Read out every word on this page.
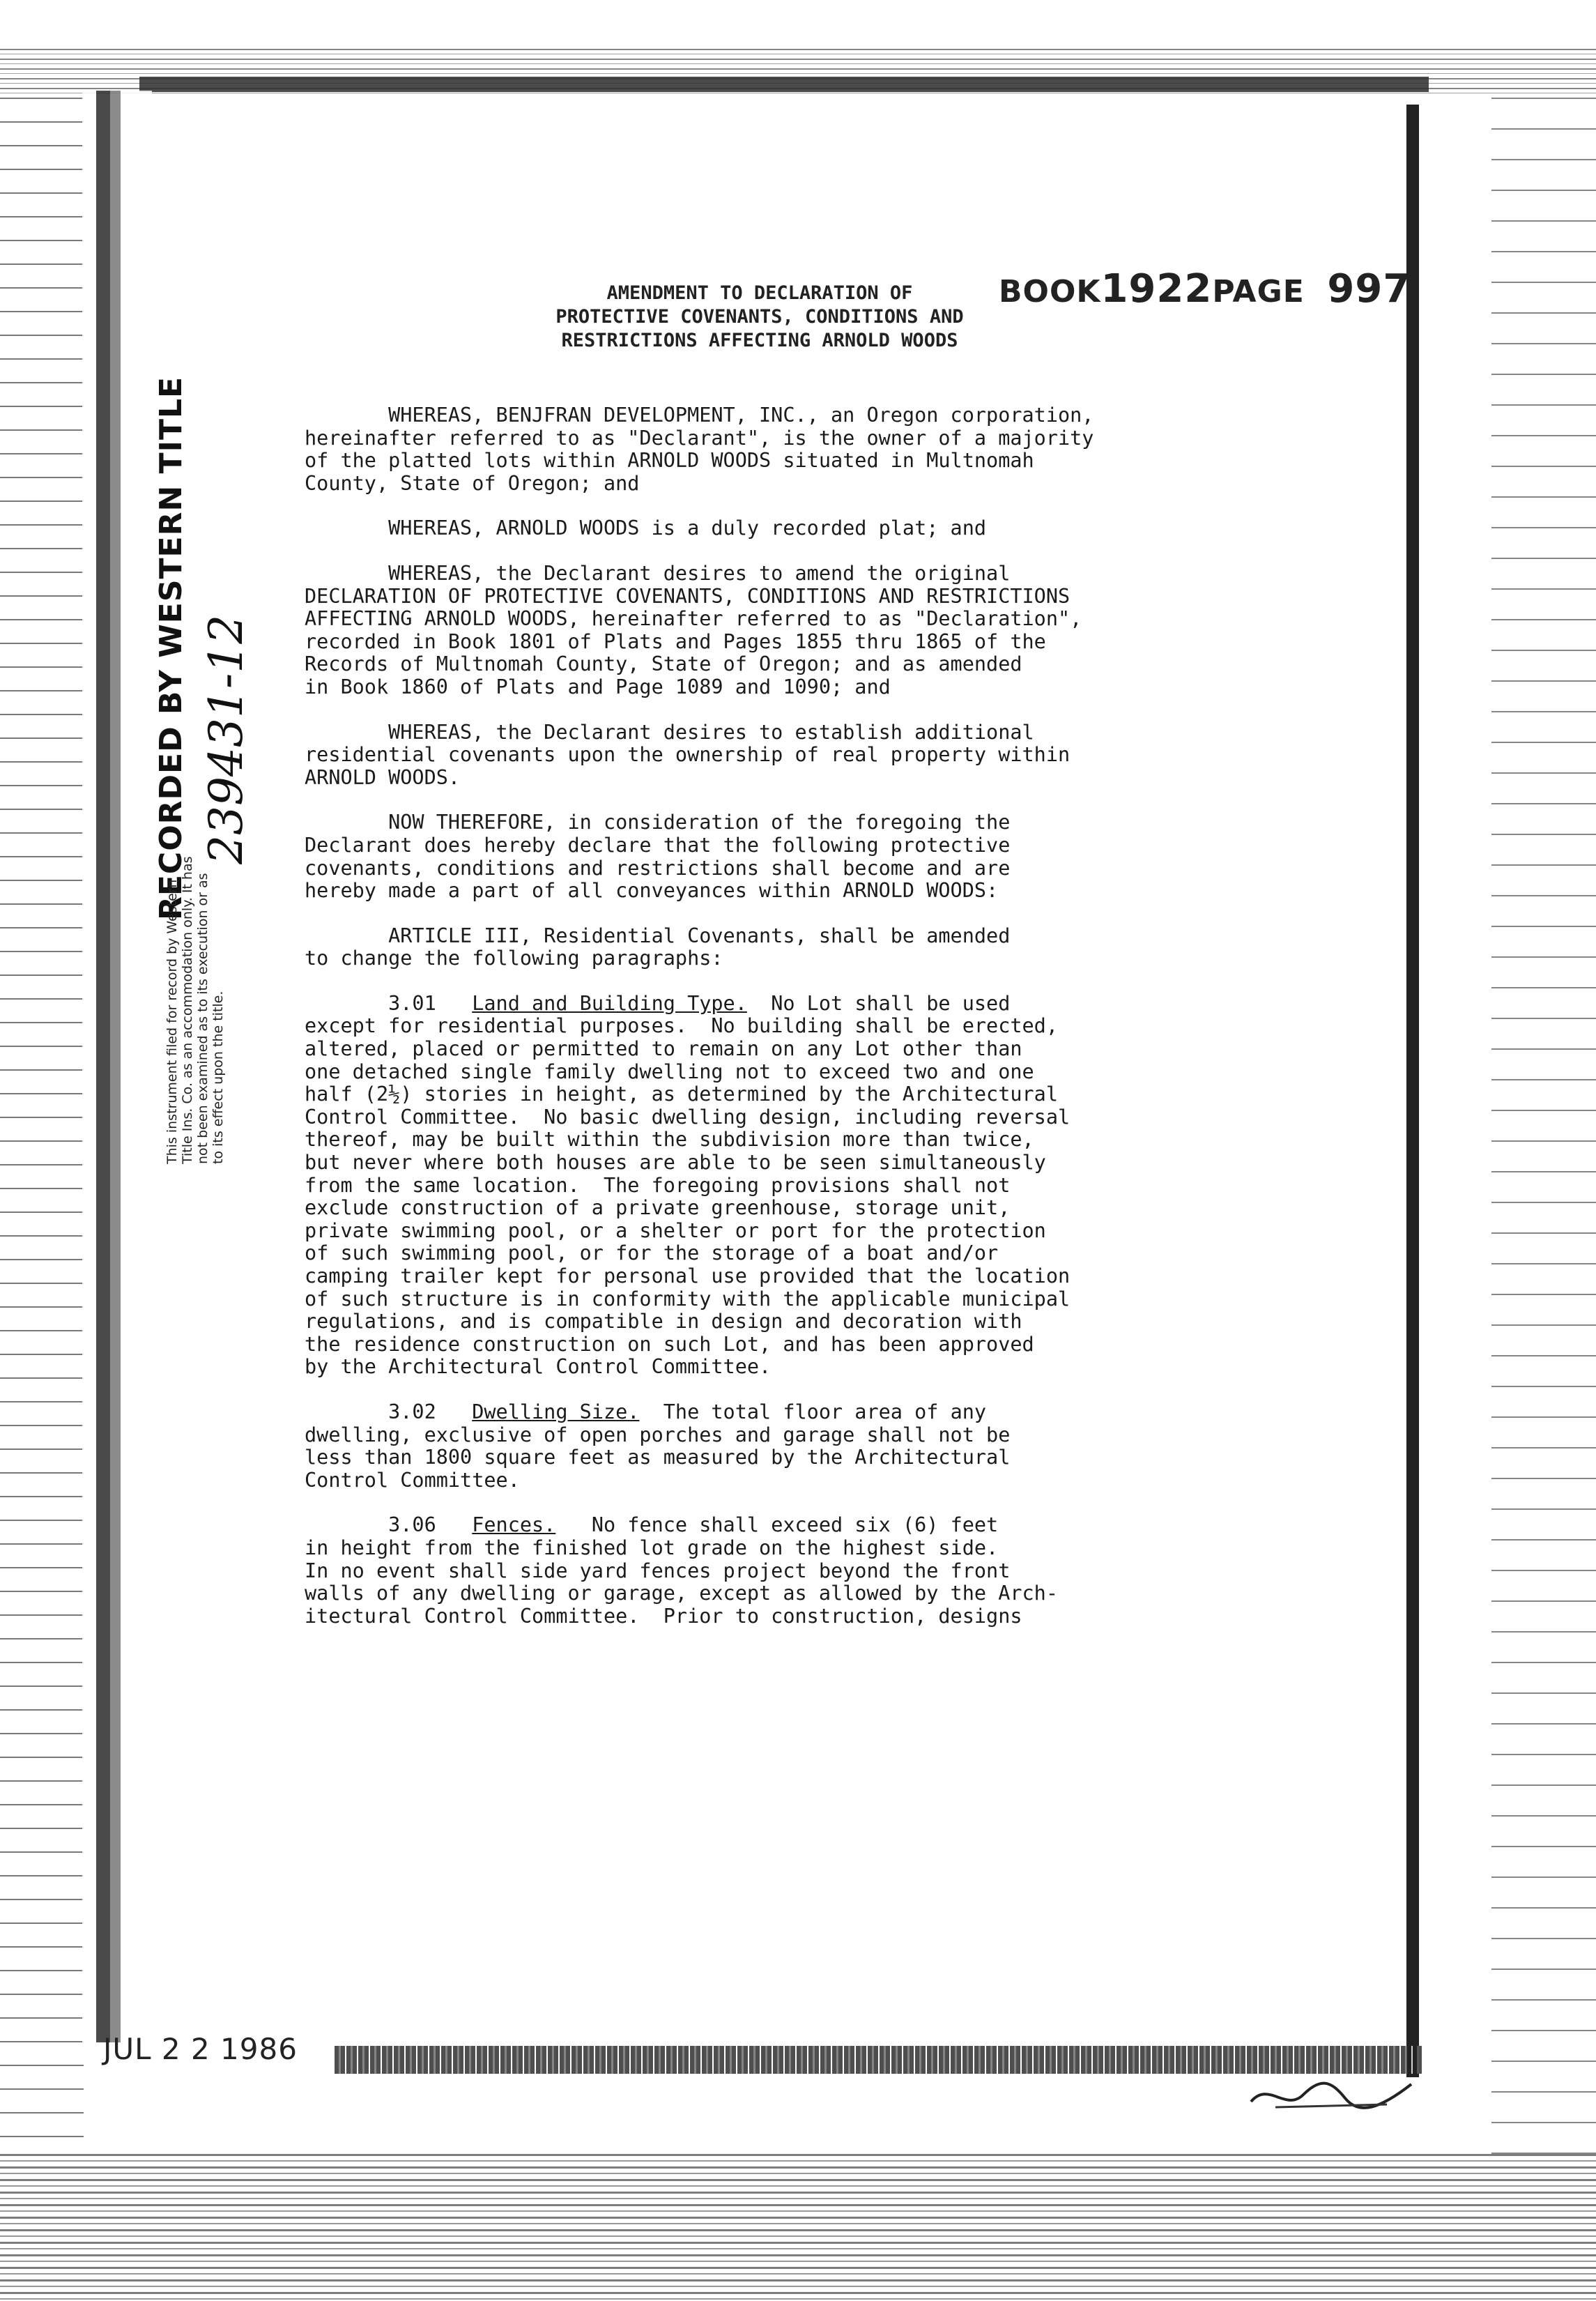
BOOK1922PAGE 997
AMENDMENT TO DECLARATION OF
PROTECTIVE COVENANTS, CONDITIONS AND
RESTRICTIONS AFFECTING ARNOLD WOODS

WHEREAS, BENJFRAN DEVELOPMENT, INC., an Oregon corporation,
hereinafter referred to as "Declarant", is the owner of a majority
of the platted lots within ARNOLD WOODS situated in Multnomah
County, State of Oregon; and

WHEREAS, ARNOLD WOODS is a duly recorded plat; and

WHEREAS, the Declarant desires to amend the original
DECLARATION OF PROTECTIVE COVENANTS, CONDITIONS AND RESTRICTIONS
AFFECTING ARNOLD WOODS, hereinafter referred to as "Declaration",
recorded in Book 1801 of Plats and Pages 1855 thru 1865 of the
Records of Multnomah County, State of Oregon; and as amended
in Book 1860 of Plats and Page 1089 and 1090; and

WHEREAS, the Declarant desires to establish additional
residential covenants upon the ownership of real property within
ARNOLD WOODS.

NOW THEREFORE, in consideration of the foregoing the
Declarant does hereby declare that the following protective
covenants, conditions and restrictions shall become and are
hereby made a part of all conveyances within ARNOLD WOODS:

ARTICLE III, Residential Covenants, shall be amended
to change the following paragraphs:

3.01 Land and Building Type.  No Lot shall be used
except for residential purposes.  No building shall be erected,
altered, placed or permitted to remain on any Lot other than
one detached single family dwelling not to exceed two and one
half (2½) stories in height, as determined by the Architectural
Control Committee.  No basic dwelling design, including reversal
thereof, may be built within the subdivision more than twice,
but never where both houses are able to be seen simultaneously
from the same location.  The foregoing provisions shall not
exclude construction of a private greenhouse, storage unit,
private swimming pool, or a shelter or port for the protection
of such swimming pool, or for the storage of a boat and/or
camping trailer kept for personal use provided that the location
of such structure is in conformity with the applicable municipal
regulations, and is compatible in design and decoration with
the residence construction on such Lot, and has been approved
by the Architectural Control Committee.

3.02 Dwelling Size.  The total floor area of any
dwelling, exclusive of open porches and garage shall not be
less than 1800 square feet as measured by the Architectural
Control Committee.

3.06 Fences.   No fence shall exceed six (6) feet
in height from the finished lot grade on the highest side.
In no event shall side yard fences project beyond the front
walls of any dwelling or garage, except as allowed by the Arch-
itectural Control Committee.  Prior to construction, designs

RECORDED BY WESTERN TITLE 239431-12
This instrument filed for record by Western Title Ins. Co. as an accommodation only. It has not been examined as to its execution or as to its effect upon the title.
JUL 2 2 1986
